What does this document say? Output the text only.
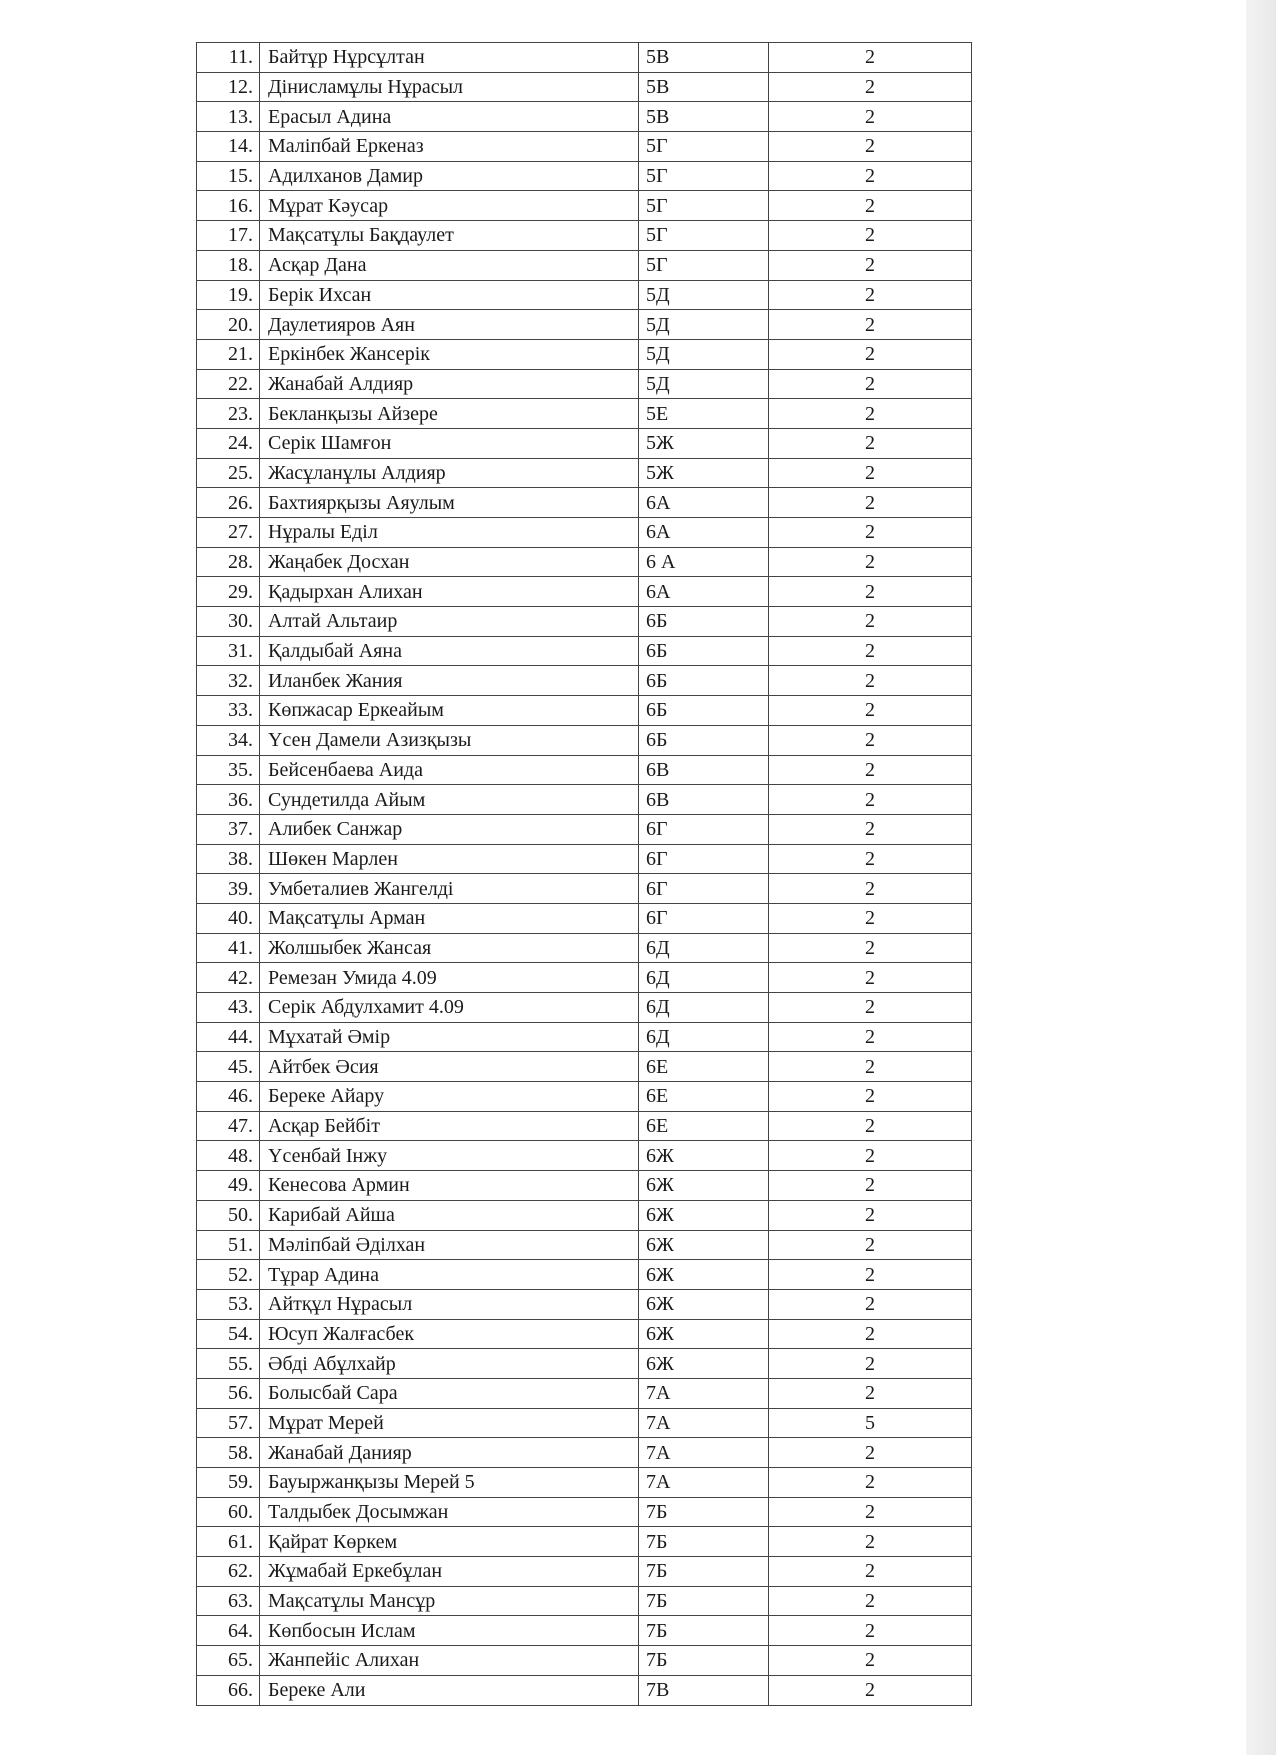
11.	Байтұр Нұрсұлтан	5В	2
12.	Дінисламұлы Нұрасыл	5В	2
13.	Ерасыл Адина	5В	2
14.	Маліпбай Еркеназ	5Г	2
15.	Адилханов Дамир	5Г	2
16.	Мұрат Кәусар	5Г	2
17.	Мақсатұлы Бақдаулет	5Г	2
18.	Асқар Дана	5Г	2
19.	Берік Ихсан	5Д	2
20.	Даулетияров Аян	5Д	2
21.	Еркінбек Жансерік	5Д	2
22.	Жанабай Алдияр	5Д	2
23.	Бекланқызы Айзере	5Е	2
24.	Серік Шамғон	5Ж	2
25.	Жасұланұлы Алдияр	5Ж	2
26.	Бахтиярқызы Аяулым	6А	2
27.	Нұралы Еділ	6А	2
28.	Жаңабек Досхан	6 А	2
29.	Қадырхан Алихан	6А	2
30.	Алтай Альтаир	6Б	2
31.	Қалдыбай Аяна	6Б	2
32.	Иланбек Жания	6Б	2
33.	Көпжасар Еркеайым	6Б	2
34.	Үсен Дамели Азизқызы	6Б	2
35.	Бейсенбаева Аида	6В	2
36.	Сундетилда Айым	6В	2
37.	Алибек Санжар	6Г	2
38.	Шөкен Марлен	6Г	2
39.	Умбеталиев Жангелді	6Г	2
40.	Мақсатұлы Арман	6Г	2
41.	Жолшыбек Жансая	6Д	2
42.	Ремезан Умида 4.09	6Д	2
43.	Серік Абдулхамит 4.09	6Д	2
44.	Мұхатай Әмір	6Д	2
45.	Айтбек Әсия	6Е	2
46.	Береке Айару	6Е	2
47.	Асқар Бейбіт	6Е	2
48.	Үсенбай Інжу	6Ж	2
49.	Кенесова Армин	6Ж	2
50.	Карибай Айша	6Ж	2
51.	Мәліпбай Әділхан	6Ж	2
52.	Тұрар Адина	6Ж	2
53.	Айтқұл Нұрасыл	6Ж	2
54.	Юсуп Жалғасбек	6Ж	2
55.	Әбді Абұлхайр	6Ж	2
56.	Болысбай Сара	7А	2
57.	Мұрат Мерей	7А	5
58.	Жанабай Данияр	7А	2
59.	Бауыржанқызы Мерей 5	7А	2
60.	Талдыбек Досымжан	7Б	2
61.	Қайрат Көркем	7Б	2
62.	Жұмабай Еркебұлан	7Б	2
63.	Мақсатұлы Мансұр	7Б	2
64.	Көпбосын Ислам	7Б	2
65.	Жанпейіс Алихан	7Б	2
66.	Береке Али	7В	2
